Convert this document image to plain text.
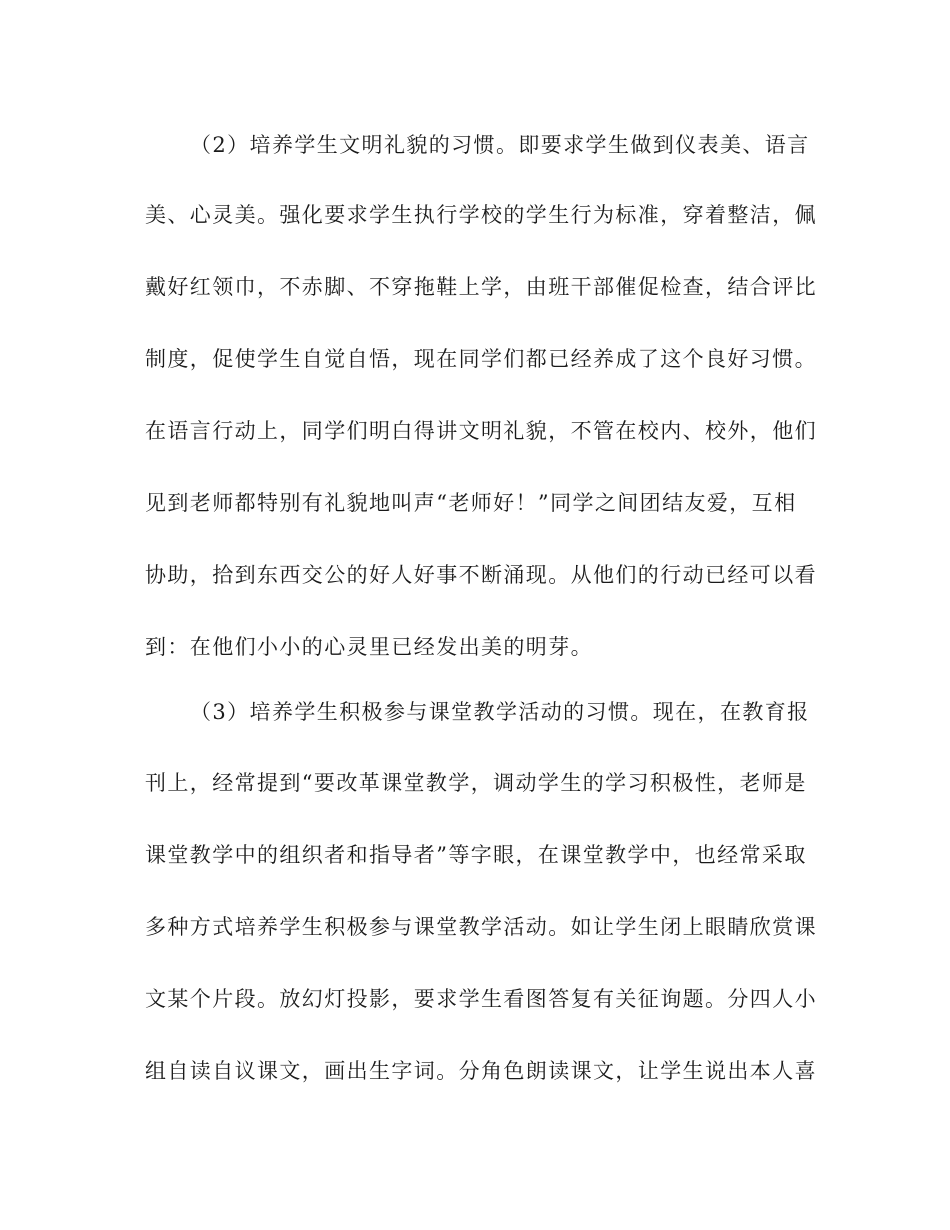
（2）培养学生文明礼貌的习惯。即要求学生做到仪表美、语言
美、心灵美。强化要求学生执行学校的学生行为标准，穿着整洁，佩
戴好红领巾，不赤脚、不穿拖鞋上学，由班干部催促检查，结合评比
制度，促使学生自觉自悟，现在同学们都已经养成了这个良好习惯。
在语言行动上，同学们明白得讲文明礼貌，不管在校内、校外，他们
见到老师都特别有礼貌地叫声“老师好！”同学之间团结友爱，互相
协助，拾到东西交公的好人好事不断涌现。从他们的行动已经可以看
到：在他们小小的心灵里已经发出美的明芽。
（3）培养学生积极参与课堂教学活动的习惯。现在，在教育报
刊上，经常提到“要改革课堂教学，调动学生的学习积极性，老师是
课堂教学中的组织者和指导者”等字眼，在课堂教学中，也经常采取
多种方式培养学生积极参与课堂教学活动。如让学生闭上眼睛欣赏课
文某个片段。放幻灯投影，要求学生看图答复有关征询题。分四人小
组自读自议课文，画出生字词。分角色朗读课文，让学生说出本人喜
